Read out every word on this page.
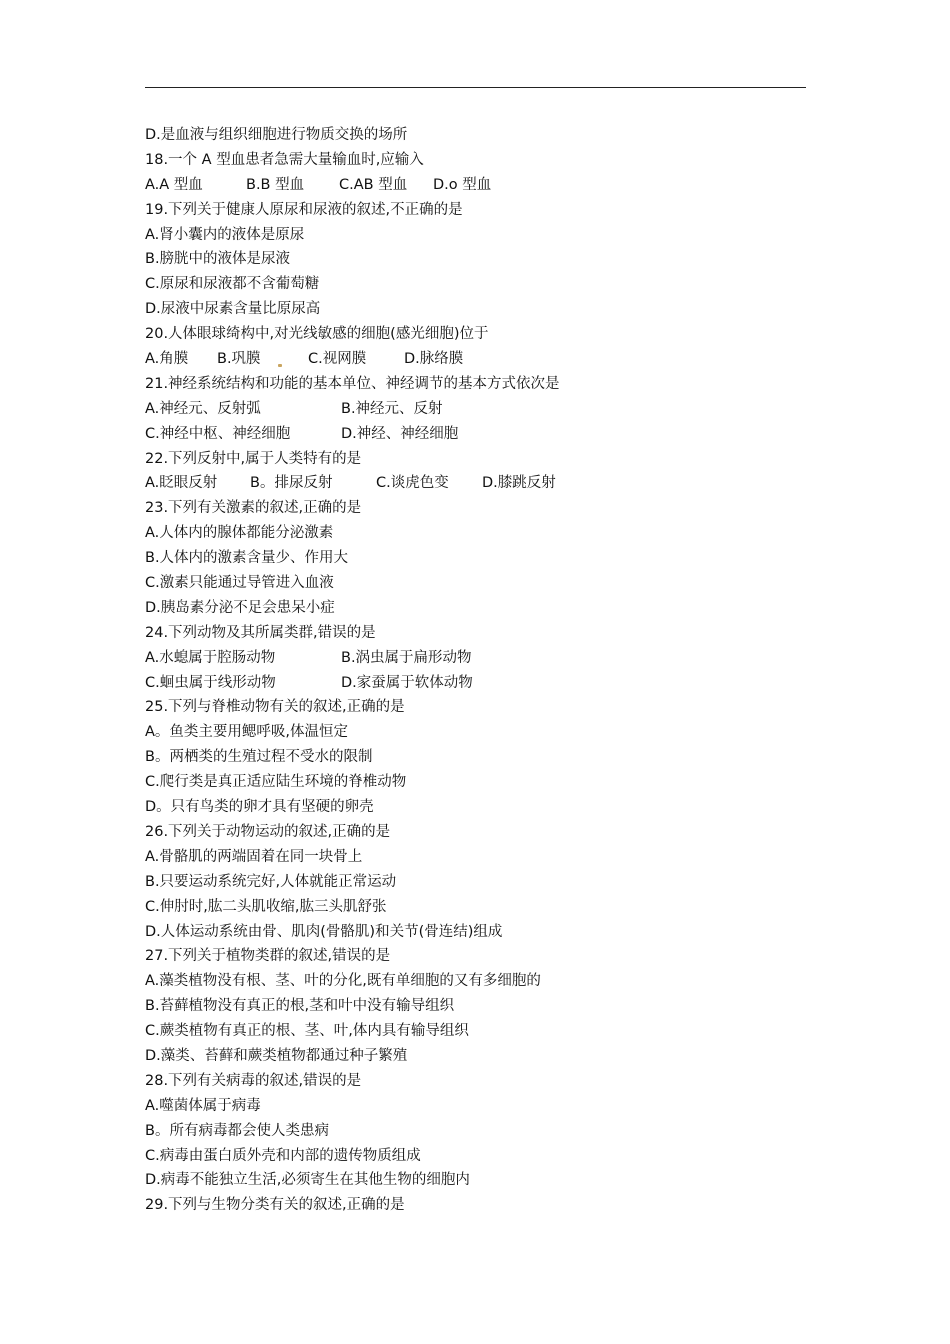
D.是血液与组织细胞进行物质交换的场所
18.一个 A 型血患者急需大量输血时,应输入
A.A 型血	B.B 型血 C.AB 型血 D.o 型血
19.下列关于健康人原尿和尿液的叙述,不正确的是
A.肾小囊内的液体是原尿
B.膀胱中的液体是尿液
C.原尿和尿液都不含葡萄糖
D.尿液中尿素含量比原尿高
20.人体眼球绮构中,对光线敏感的细胞(感光细胞)位于
A.角膜 B.巩膜	C.视网膜	D.脉络膜
21.神经系统结构和功能的基本单位、神经调节的基本方式依次是
A.神经元、反射弧	B.神经元、反射
C.神经中枢、神经细胞	D.神经、神经细胞
22.下列反射中,属于人类特有的是
A.眨眼反射 B。排尿反射	C.谈虎色变 D.膝跳反射
23.下列有关激素的叙述,正确的是
A.人体内的腺体都能分泌激素
B.人体内的激素含量少、作用大
C.激素只能通过导管进入血液
D.胰岛素分泌不足会患呆小症
24.下列动物及其所属类群,错误的是
A.水螅属于腔肠动物	B.涡虫属于扁形动物
C.蛔虫属于线形动物	D.家蚕属于软体动物
25.下列与脊椎动物有关的叙述,正确的是
A。鱼类主要用鳃呼吸,体温恒定
B。两栖类的生殖过程不受水的限制
C.爬行类是真正适应陆生环境的脊椎动物
D。只有鸟类的卵才具有坚硬的卵壳
26.下列关于动物运动的叙述,正确的是
A.骨骼肌的两端固着在同一块骨上
B.只要运动系统完好,人体就能正常运动
C.伸肘时,肱二头肌收缩,肱三头肌舒张
D.人体运动系统由骨、肌肉(骨骼肌)和关节(骨连结)组成
27.下列关于植物类群的叙述,错误的是
A.藻类植物没有根、茎、叶的分化,既有单细胞的又有多细胞的
B.苔藓植物没有真正的根,茎和叶中没有输导组织
C.蕨类植物有真正的根、茎、叶,体内具有输导组织
D.藻类、苔藓和蕨类植物都通过种子繁殖
28.下列有关病毒的叙述,错误的是
A.噬菌体属于病毒
B。所有病毒都会使人类患病
C.病毒由蛋白质外壳和内部的遗传物质组成
D.病毒不能独立生活,必须寄生在其他生物的细胞内
29.下列与生物分类有关的叙述,正确的是
